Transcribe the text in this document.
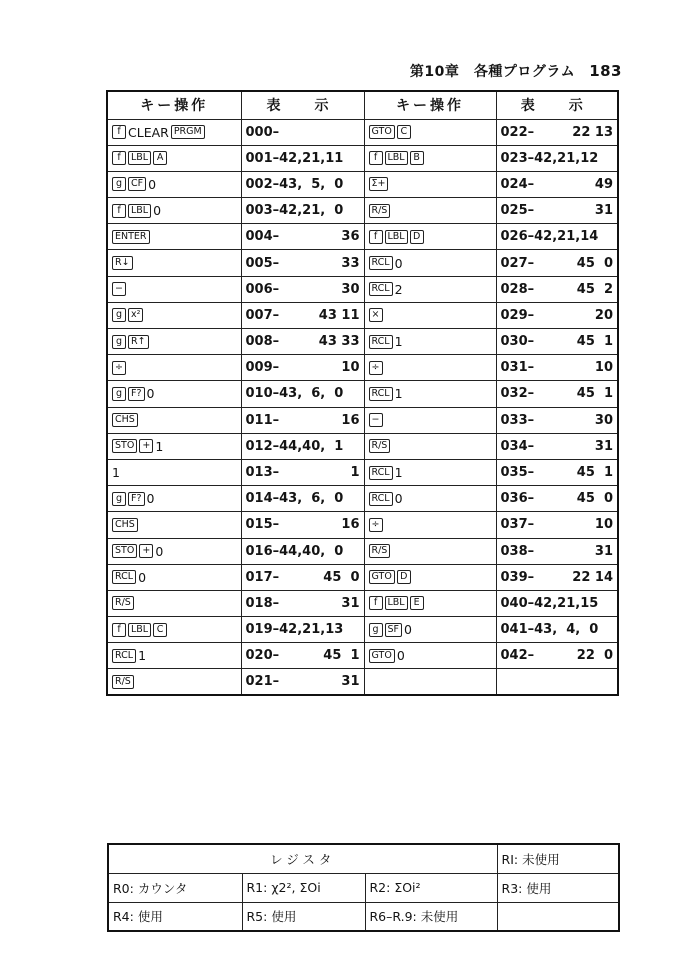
第10章　各種プログラム 183
キー操作	表　示	キー操作	表　示

f CLEAR PRGM	000–	GTO C	022– 22 13

f LBL A	001–42,21,11	f LBL B	023–42,21,12

g CF 0	002–43,  5,  0	Σ+	024– 49

f LBL 0	003–42,21,  0	R/S	025– 31

ENTER	004– 36	f LBL D	026–42,21,14

R↓	005– 33	RCL 0	027– 45  0

−	006– 30	RCL 2	028– 45  2

g x²	007– 43 11	×	029– 20

g R↑	008– 43 33	RCL 1	030– 45  1

÷	009– 10	÷	031– 10

g F? 0	010–43,  6,  0	RCL 1	032– 45  1

CHS	011– 16	−	033– 30

STO + 1	012–44,40,  1	R/S	034– 31

1	013– 1	RCL 1	035– 45  1

g F? 0	014–43,  6,  0	RCL 0	036– 45  0

CHS	015– 16	÷	037– 10

STO + 0	016–44,40,  0	R/S	038– 31

RCL 0	017– 45  0	GTO D	039– 22 14

R/S	018– 31	f LBL E	040–42,21,15

f LBL C	019–42,21,13	g SF 0	041–43,  4,  0

RCL 1	020– 45  1	GTO 0	042– 22  0

R/S	021– 31		

レジスタ			RI: 未使用
R0: カウンタ	R1: χ2², ΣOi	R2: ΣOi²	R3: 使用
R4: 使用	R5: 使用	R6–R.9: 未使用	
